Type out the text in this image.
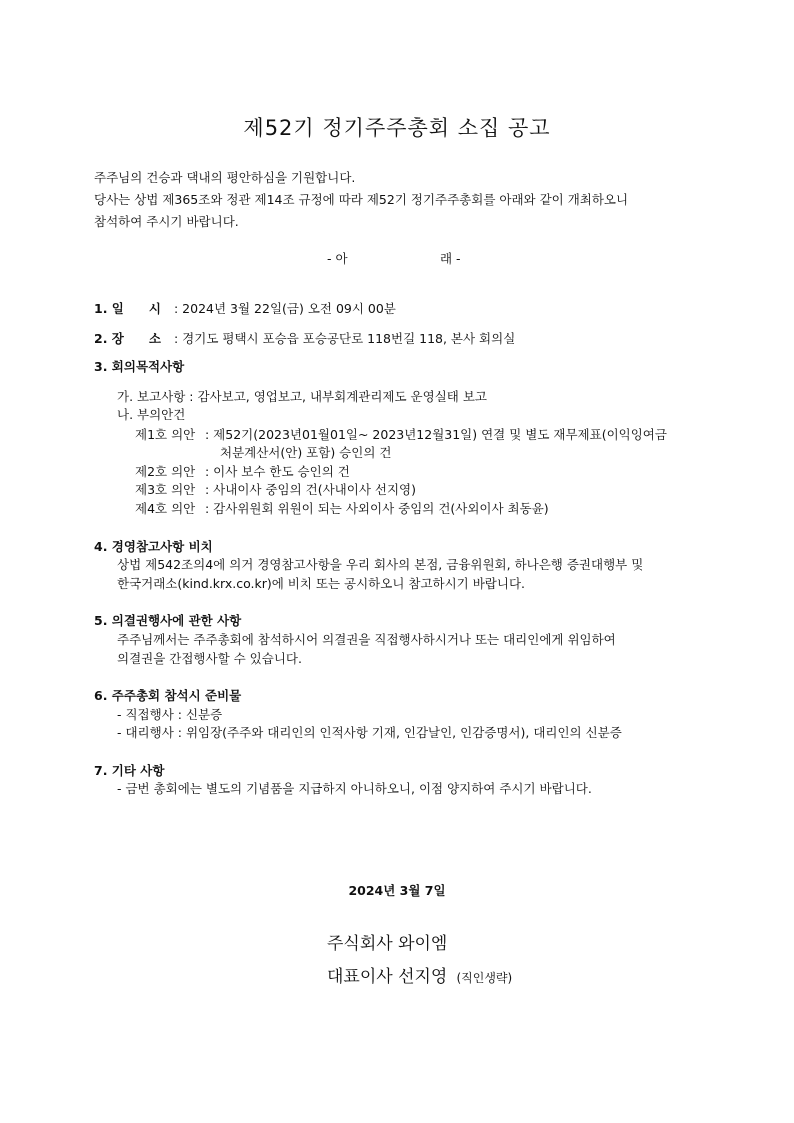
제52기 정기주주총회 소집 공고
주주님의 건승과 댁내의 평안하심을 기원합니다.
당사는 상법 제365조와 정관 제14조 규정에 따라 제52기 정기주주총회를 아래와 같이 개최하오니
참석하여 주시기 바랍니다.
- 아	래 -
1. 일　　시 : 2024년 3월 22일(금) 오전 09시 00분
2. 장　　소 : 경기도 평택시 포승읍 포승공단로 118번길 118, 본사 회의실
3. 회의목적사항
가. 보고사항 : 감사보고, 영업보고, 내부회계관리제도 운영실태 보고
나. 부의안건
제1호 의안 : 제52기(2023년01월01일~ 2023년12월31일) 연결 및 별도 재무제표(이익잉여금
처분계산서(안) 포함) 승인의 건
제2호 의안 : 이사 보수 한도 승인의 건
제3호 의안 : 사내이사 중임의 건(사내이사 선지영)
제4호 의안 : 감사위원회 위원이 되는 사외이사 중임의 건(사외이사 최동윤)
4. 경영참고사항 비치
상법 제542조의4에 의거 경영참고사항을 우리 회사의 본점, 금융위원회, 하나은행 증권대행부 및
한국거래소(kind.krx.co.kr)에 비치 또는 공시하오니 참고하시기 바랍니다.
5. 의결권행사에 관한 사항
주주님께서는 주주총회에 참석하시어 의결권을 직접행사하시거나 또는 대리인에게 위임하여
의결권을 간접행사할 수 있습니다.
6. 주주총회 참석시 준비물
- 직접행사 : 신분증
- 대리행사 : 위임장(주주와 대리인의 인적사항 기재, 인감날인, 인감증명서), 대리인의 신분증
7. 기타 사항
- 금번 총회에는 별도의 기념품을 지급하지 아니하오니, 이점 양지하여 주시기 바랍니다.
2024년 3월 7일
주식회사 와이엠
대표이사 선지영 (직인생략)
